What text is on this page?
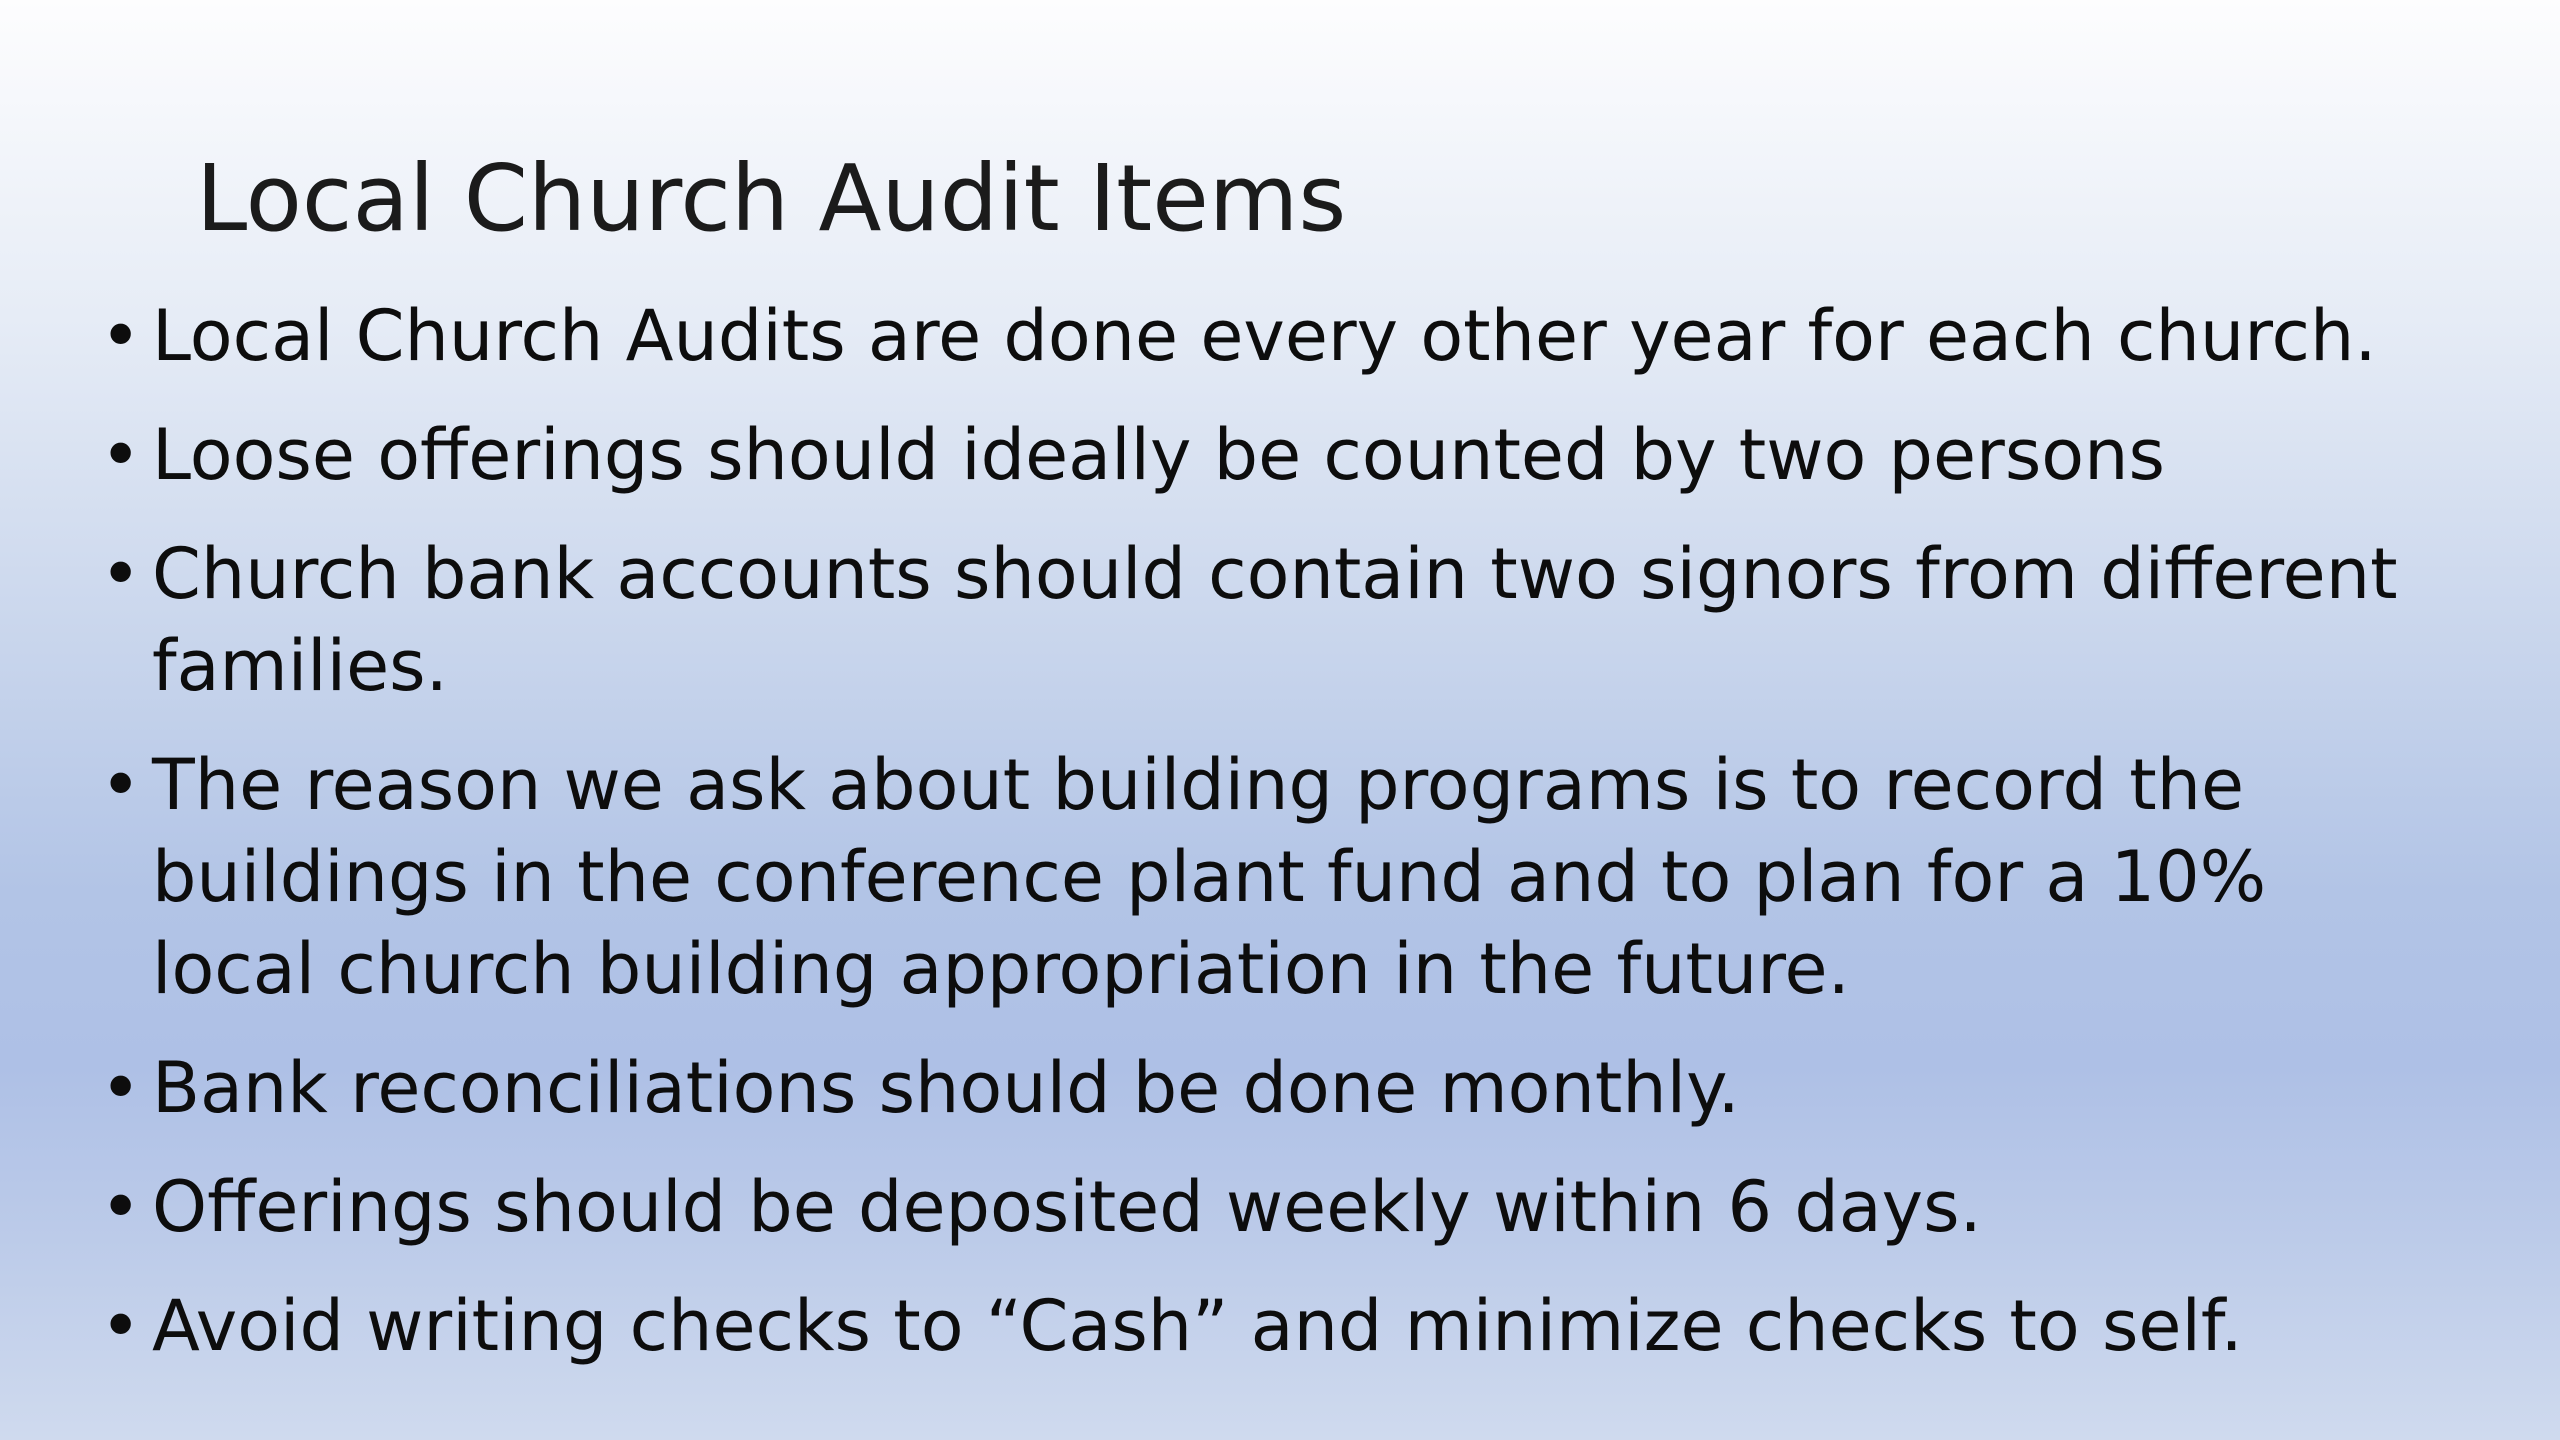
Local Church Audit Items
• Local Church Audits are done every other year for each church.
• Loose offerings should ideally be counted by two persons
• Church bank accounts should contain two signors from different families.
• The reason we ask about building programs is to record the buildings in the conference plant fund and to plan for a 10% local church building appropriation in the future.
• Bank reconciliations should be done monthly.
• Offerings should be deposited weekly within 6 days.
• Avoid writing checks to “Cash” and minimize checks to self.
